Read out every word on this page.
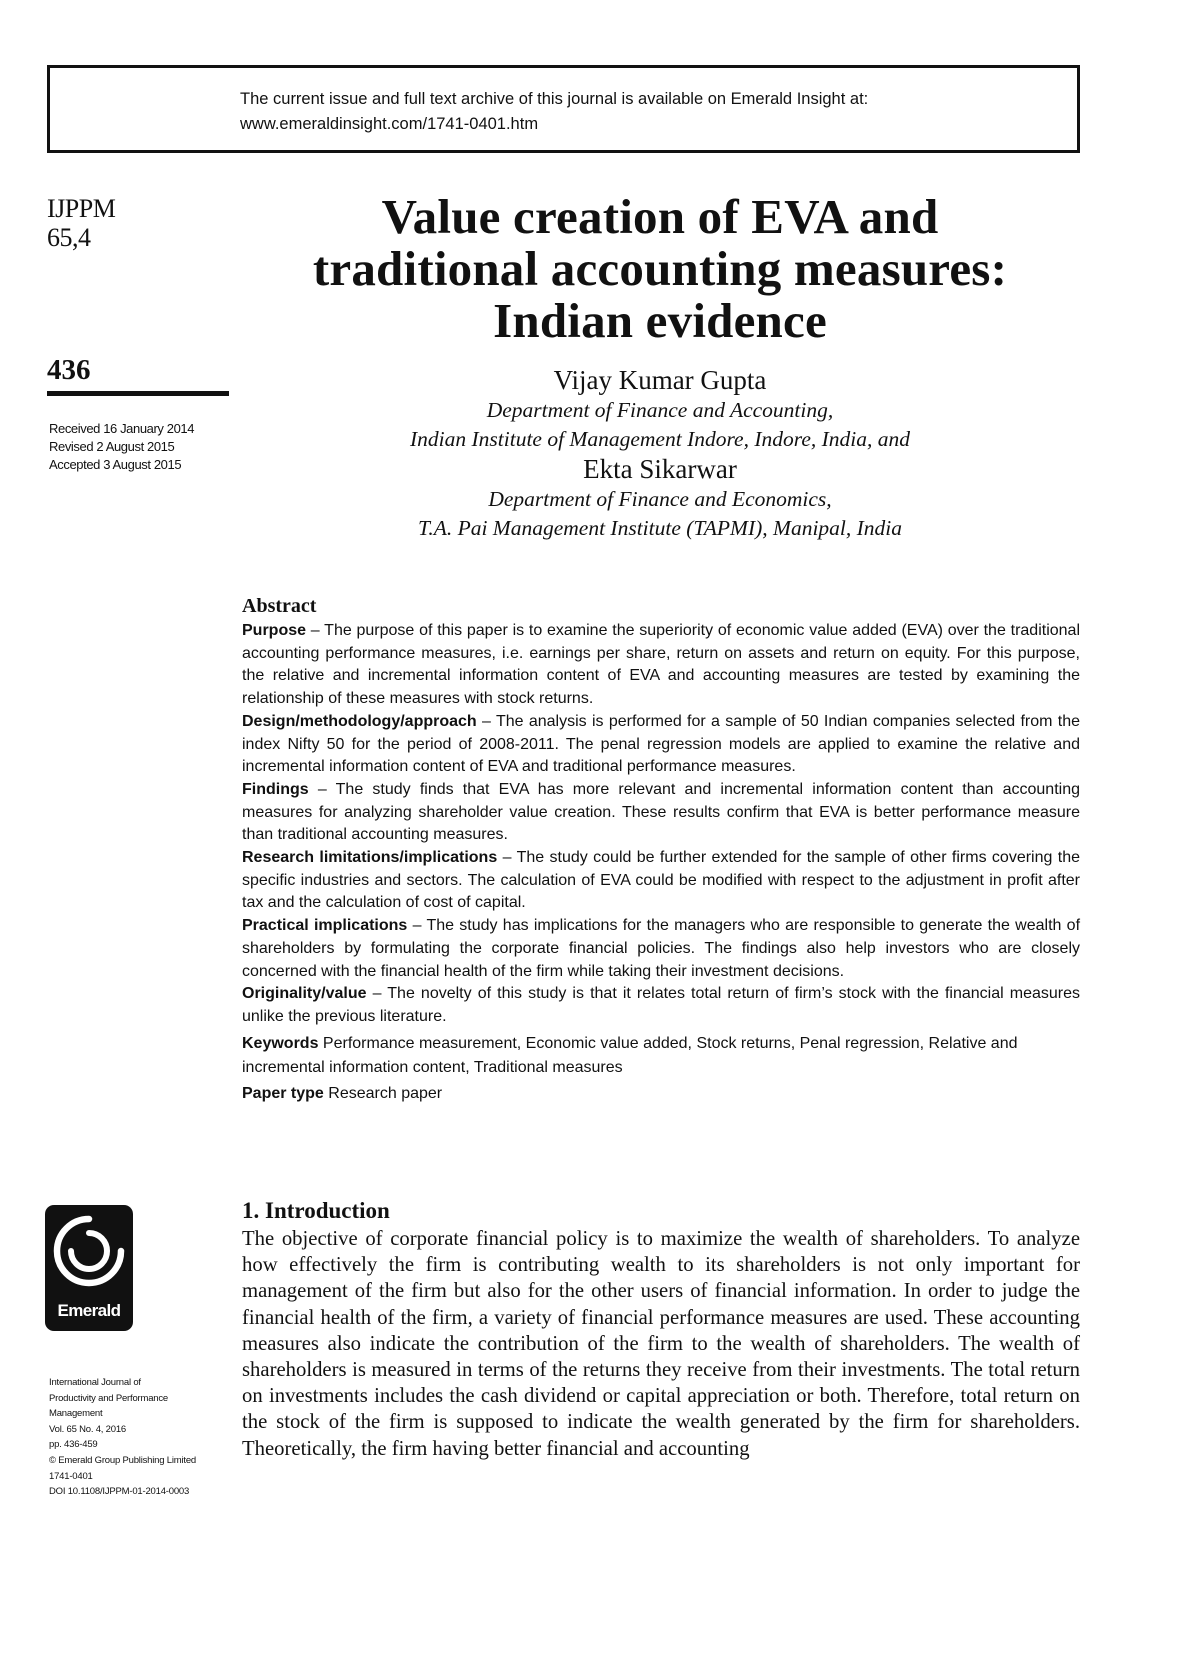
The current issue and full text archive of this journal is available on Emerald Insight at:
www.emeraldinsight.com/1741-0401.htm
IJPPM
65,4
436
Received 16 January 2014
Revised 2 August 2015
Accepted 3 August 2015
Value creation of EVA and
traditional accounting measures:
Indian evidence
Vijay Kumar Gupta
Department of Finance and Accounting,
Indian Institute of Management Indore, Indore, India, and
Ekta Sikarwar
Department of Finance and Economics,
T.A. Pai Management Institute (TAPMI), Manipal, India
Abstract

Purpose – The purpose of this paper is to examine the superiority of economic value added (EVA) over the traditional accounting performance measures, i.e. earnings per share, return on assets and return on equity. For this purpose, the relative and incremental information content of EVA and accounting measures are tested by examining the relationship of these measures with stock returns.

Design/methodology/approach – The analysis is performed for a sample of 50 Indian companies selected from the index Nifty 50 for the period of 2008-2011. The penal regression models are applied to examine the relative and incremental information content of EVA and traditional performance measures.

Findings – The study finds that EVA has more relevant and incremental information content than accounting measures for analyzing shareholder value creation. These results confirm that EVA is better performance measure than traditional accounting measures.

Research limitations/implications – The study could be further extended for the sample of other firms covering the specific industries and sectors. The calculation of EVA could be modified with respect to the adjustment in profit after tax and the calculation of cost of capital.

Practical implications – The study has implications for the managers who are responsible to generate the wealth of shareholders by formulating the corporate financial policies. The findings also help investors who are closely concerned with the financial health of the firm while taking their investment decisions.

Originality/value – The novelty of this study is that it relates total return of firm’s stock with the financial measures unlike the previous literature.

Keywords Performance measurement, Economic value added, Stock returns, Penal regression, Relative and incremental information content, Traditional measures

Paper type Research paper

1. Introduction

The objective of corporate financial policy is to maximize the wealth of shareholders. To analyze how effectively the firm is contributing wealth to its shareholders is not only important for management of the firm but also for the other users of financial information. In order to judge the financial health of the firm, a variety of financial performance measures are used. These accounting measures also indicate the contribution of the firm to the wealth of shareholders. The wealth of shareholders is measured in terms of the returns they receive from their investments. The total return on investments includes the cash dividend or capital appreciation or both. Therefore, total return on the stock of the firm is supposed to indicate the wealth generated by the firm for shareholders. Theoretically, the firm having better financial and accounting

Emerald
International Journal of
Productivity and Performance
Management
Vol. 65 No. 4, 2016
pp. 436-459
© Emerald Group Publishing Limited
1741-0401
DOI 10.1108/IJPPM-01-2014-0003
